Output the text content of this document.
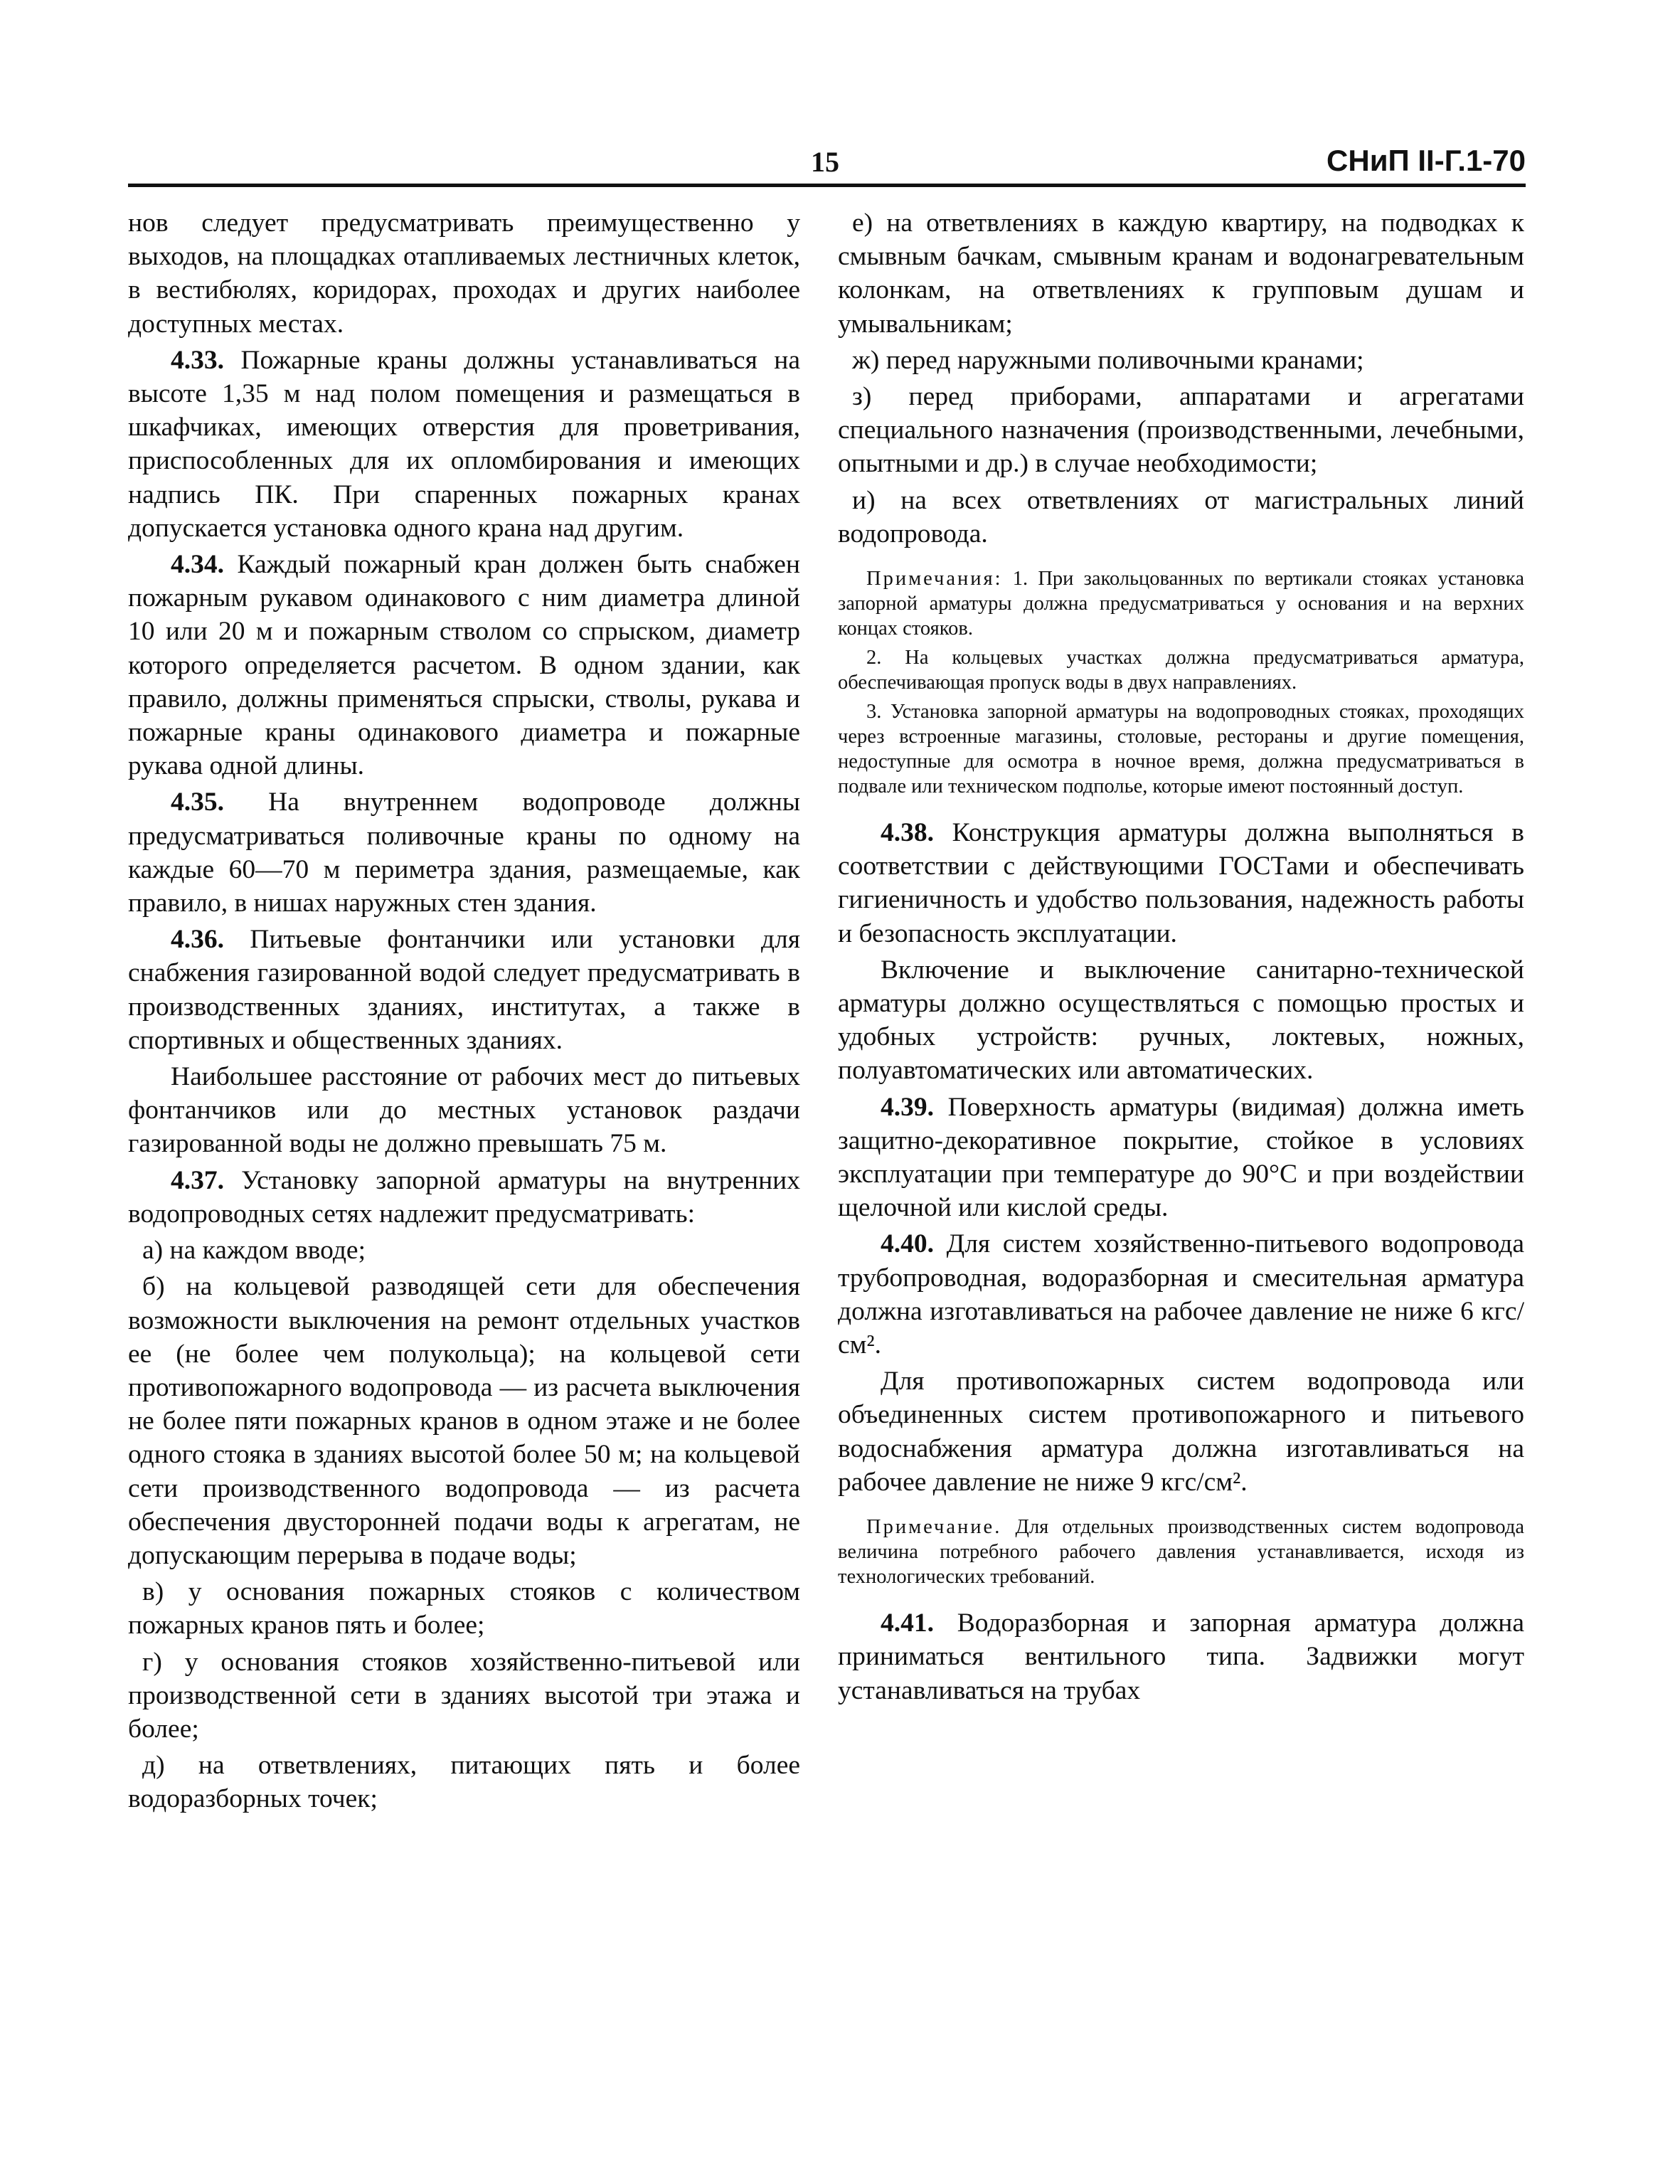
15	СНиП II-Г.1-70

нов следует предусматривать преимущественно у выходов, на площадках отапливаемых лестничных клеток, в вестибюлях, коридорах, проходах и других наиболее доступных местах.

4.33. Пожарные краны должны устанавливаться на высоте 1,35 м над полом помещения и размещаться в шкафчиках, имеющих отверстия для проветривания, приспособленных для их опломбирования и имеющих надпись ПК. При спаренных пожарных кранах допускается установка одного крана над другим.

4.34. Каждый пожарный кран должен быть снабжен пожарным рукавом одинакового с ним диаметра длиной 10 или 20 м и пожарным стволом со спрыском, диаметр которого определяется расчетом. В одном здании, как правило, должны применяться спрыски, стволы, рукава и пожарные краны одинакового диаметра и пожарные рукава одной длины.

4.35. На внутреннем водопроводе должны предусматриваться поливочные краны по одному на каждые 60—70 м периметра здания, размещаемые, как правило, в нишах наружных стен здания.

4.36. Питьевые фонтанчики или установки для снабжения газированной водой следует предусматривать в производственных зданиях, институтах, а также в спортивных и общественных зданиях.

Наибольшее расстояние от рабочих мест до питьевых фонтанчиков или до местных установок раздачи газированной воды не должно превышать 75 м.

4.37. Установку запорной арматуры на внутренних водопроводных сетях надлежит предусматривать:

а) на каждом вводе;

б) на кольцевой разводящей сети для обеспечения возможности выключения на ремонт отдельных участков ее (не более чем полукольца); на кольцевой сети противопожарного водопровода — из расчета выключения не более пяти пожарных кранов в одном этаже и не более одного стояка в зданиях высотой более 50 м; на кольцевой сети производственного водопровода — из расчета обеспечения двусторонней подачи воды к агрегатам, не допускающим перерыва в подаче воды;

в) у основания пожарных стояков с количеством пожарных кранов пять и более;

г) у основания стояков хозяйственно-питьевой или производственной сети в зданиях высотой три этажа и более;

д) на ответвлениях, питающих пять и более водоразборных точек;

е) на ответвлениях в каждую квартиру, на подводках к смывным бачкам, смывным кранам и водонагревательным колонкам, на ответвлениях к групповым душам и умывальникам;

ж) перед наружными поливочными кранами;

з) перед приборами, аппаратами и агрегатами специального назначения (производственными, лечебными, опытными и др.) в случае необходимости;

и) на всех ответвлениях от магистральных линий водопровода.

Примечания: 1. При закольцованных по вертикали стояках установка запорной арматуры должна предусматриваться у основания и на верхних концах стояков.

2. На кольцевых участках должна предусматриваться арматура, обеспечивающая пропуск воды в двух направлениях.

3. Установка запорной арматуры на водопроводных стояках, проходящих через встроенные магазины, столовые, рестораны и другие помещения, недоступные для осмотра в ночное время, должна предусматриваться в подвале или техническом подполье, которые имеют постоянный доступ.

4.38. Конструкция арматуры должна выполняться в соответствии с действующими ГОСТами и обеспечивать гигиеничность и удобство пользования, надежность работы и безопасность эксплуатации.

Включение и выключение санитарно-технической арматуры должно осуществляться с помощью простых и удобных устройств: ручных, локтевых, ножных, полуавтоматических или автоматических.

4.39. Поверхность арматуры (видимая) должна иметь защитно-декоративное покрытие, стойкое в условиях эксплуатации при температуре до 90°С и при воздействии щелочной или кислой среды.

4.40. Для систем хозяйственно-питьевого водопровода трубопроводная, водоразборная и смесительная арматура должна изготавливаться на рабочее давление не ниже 6 кгс/см².

Для противопожарных систем водопровода или объединенных систем противопожарного и питьевого водоснабжения арматура должна изготавливаться на рабочее давление не ниже 9 кгс/см².

Примечание. Для отдельных производственных систем водопровода величина потребного рабочего давления устанавливается, исходя из технологических требований.

4.41. Водоразборная и запорная арматура должна приниматься вентильного типа. Задвижки могут устанавливаться на трубах
